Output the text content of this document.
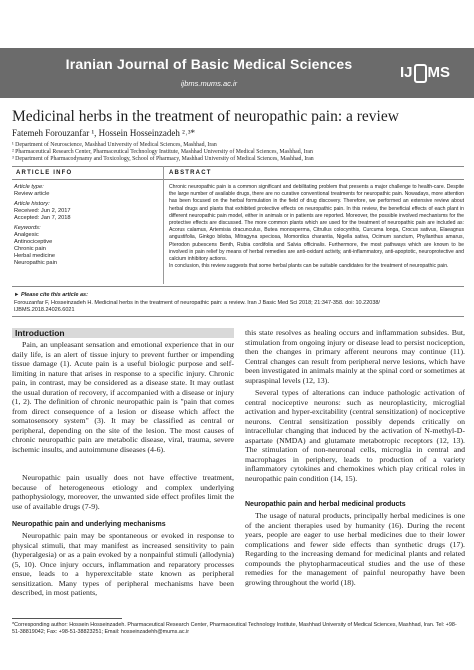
Iranian Journal of Basic Medical Sciences
ijbms.mums.ac.ir
IJ MS
Medicinal herbs in the treatment of neuropathic pain: a review
Fatemeh Forouzanfar ¹, Hossein Hosseinzadeh ²˒³*
¹ Department of Neuroscience, Mashhad University of Medical Sciences, Mashhad, Iran
² Pharmaceutical Research Center, Pharmaceutical Technology Institute, Mashhad University of Medical Sciences, Mashhad, Iran
³ Department of Pharmacodynamy and Toxicology, School of Pharmacy, Mashhad University of Medical Sciences, Mashhad, Iran
ARTICLE INFO	ABSTRACT
Article type:
Review article
Article history:
Received: Jun 2, 2017
Accepted: Jan 7, 2018
Keywords:
Analgesic
Antinociceptive
Chronic pain
Herbal medicine
Neuropathic pain
Chronic neuropathic pain is a common significant and debilitating problem that presents a major challenge to health-care. Despite the large number of available drugs, there are no curative conventional treatments for neuropathic pain. Nowadays, more attention has been focused on the herbal formulation in the field of drug discovery. Therefore, we performed an extensive review about herbal drugs and plants that exhibited protective effects on neuropathic pain. In this review, the beneficial effects of each plant in different neuropathic pain model, either in animals or in patients are reported. Moreover, the possible involved mechanisms for the protective effects are discussed. The more common plants which are used for the treatment of neuropathic pain are included as: Acorus calamus, Artemisia dracunculus, Butea monosperma, Citrullus colocynthis, Curcuma longa, Crocus sativus, Elaeagnus angustifolia, Ginkgo biloba, Mitragyna speciosa, Momordica charantia, Nigella sativa, Ocimum sanctum, Phyllanthus amarus, Pterodon pubescens Benth, Rubia cordifolia and Salvia officinalis. Furthermore, the most pathways which are known to be involved in pain relief by means of herbal remedies are anti-oxidant activity, anti-inflammatory, anti-apoptotic, neuroprotective and calcium inhibitory actions.
In conclusion, this review suggests that some herbal plants can be suitable candidates for the treatment of neuropathic pain.
► Please cite this article as:
Forouzanfar F, Hosseinzadeh H. Medicinal herbs in the treatment of neuropathic pain: a review. Iran J Basic Med Sci 2018; 21:347-358. doi: 10.22038/
IJBMS.2018.24026.6021
Introduction
Pain, an unpleasant sensation and emotional experience that in our daily life, is an alert of tissue injury to prevent further or impending tissue damage (1). Acute pain is a useful biologic purpose and self-limiting in nature that arises in response to a specific injury. Chronic pain, in contrast, may be considered as a disease state. It may outlast the usual duration of recovery, if accompanied with a disease or injury (1, 2). The definition of chronic neuropathic pain is "pain that comes from direct consequence of a lesion or disease which affect the somatosensory system" (3). It may be classified as central or peripheral, depending on the site of the lesion. The most causes of chronic neuropathic pain are metabolic disease, viral, trauma, severe ischemic insults, and autoimmune diseases (4-6).
Neuropathic pain usually does not have effective treatment, because of heterogeneous etiology and complex underlying pathophysiology, moreover, the unwanted side effect profiles limit the use of available drugs (7-9).
Neuropathic pain and underlying mechanisms
Neuropathic pain may be spontaneous or evoked in response to physical stimuli, that may manifest as increased sensitivity to pain (hyperalgesia) or as a pain evoked by a nonpainful stimuli (allodynia) (5, 10). Once injury occurs, inflammation and reparatory processes ensue, leads to a hyperexcitable state known as peripheral sensitization. Many types of peripheral mechanisms have been described, in most patients,
this state resolves as healing occurs and inflammation subsides. But, stimulation from ongoing injury or disease lead to persist nociception, then the changes in primary afferent neurons may continue (11). Central changes can result from peripheral nerve lesions, which have been investigated in animals mainly at the spinal cord or sometimes at supraspinal levels (12, 13).
Several types of alterations can induce pathologic activation of central nociceptive neurons: such as neuroplasticity, microglial activation and hyper-excitability (central sensitization) of nociceptive neurons. Central sensitization possibly depends critically on intracellular changing that induced by the activation of N-methyl-D-aspartate (NMDA) and glutamate metabotropic receptors (12, 13). The stimulation of non-neuronal cells, microglia in central and macrophages in periphery, leads to production of a variety inflammatory cytokines and chemokines which play critical roles in neuropathic pain condition (14, 15).
Neuropathic pain and herbal medicinal products
The usage of natural products, principally herbal medicines is one of the ancient therapies used by humanity (16). During the recent years, people are eager to use herbal medicines due to their lower complications and fewer side effects than synthetic drugs (17). Regarding to the increasing demand for medicinal plants and related compounds the phytopharmaceutical studies and the use of these remedies for the management of painful neuropathy have been growing throughout the world (18).
*Corresponding author: Hossein Hosseinzadeh. Pharmaceutical Research Center, Pharmaceutical Technology Institute, Mashhad University of Medical Sciences, Mashhad, Iran. Tel: +98-51-38819042; Fax: +98-51-38823251; Email: hosseinzadehh@mums.ac.ir
